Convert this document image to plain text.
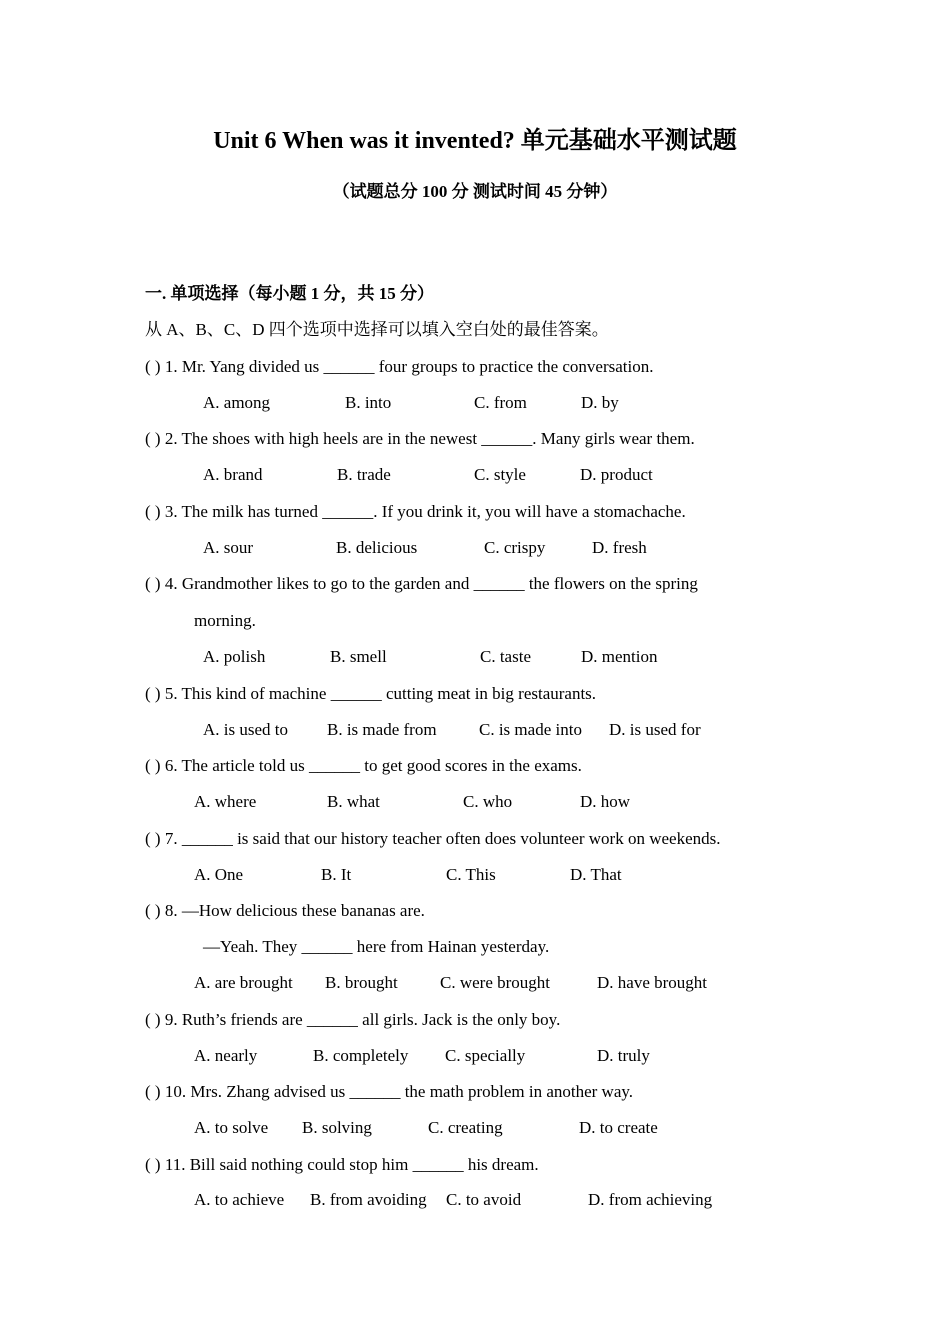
Unit 6 When was it invented? 单元基础水平测试题
（试题总分 100 分 测试时间 45 分钟）
一. 单项选择（每小题 1 分，共 15 分）
从 A、B、C、D 四个选项中选择可以填入空白处的最佳答案。
( ) 1. Mr. Yang divided us ______ four groups to practice the conversation.
A. among	B. into	C. from	D. by
( ) 2. The shoes with high heels are in the newest ______. Many girls wear them.
A. brand	B. trade	C. style	D. product
( ) 3. The milk has turned ______. If you drink it, you will have a stomachache.
A. sour	B. delicious	C. crispy	D. fresh
( ) 4. Grandmother likes to go to the garden and ______ the flowers on the spring
morning.
A. polish	B. smell	C. taste	D. mention
( ) 5. This kind of machine ______ cutting meat in big restaurants.
A. is used to B. is made from C. is made into D. is used for
( ) 6. The article told us ______ to get good scores in the exams.
A. where	B. what	C. who	D. how
( ) 7. ______ is said that our history teacher often does volunteer work on weekends.
A. One	B. It	C. This	D. That
( ) 8. —How delicious these bananas are.
—Yeah. They ______ here from Hainan yesterday.
A. are brought B. brought C. were brought	D. have brought
( ) 9. Ruth’s friends are ______ all girls. Jack is the only boy.
A. nearly	B. completely C. specially	D. truly
( ) 10. Mrs. Zhang advised us ______ the math problem in another way.
A. to solve B. solving	C. creating	D. to create
( ) 11. Bill said nothing could stop him ______ his dream.
A. to achieve B. from avoiding C. to avoid	D. from achieving
